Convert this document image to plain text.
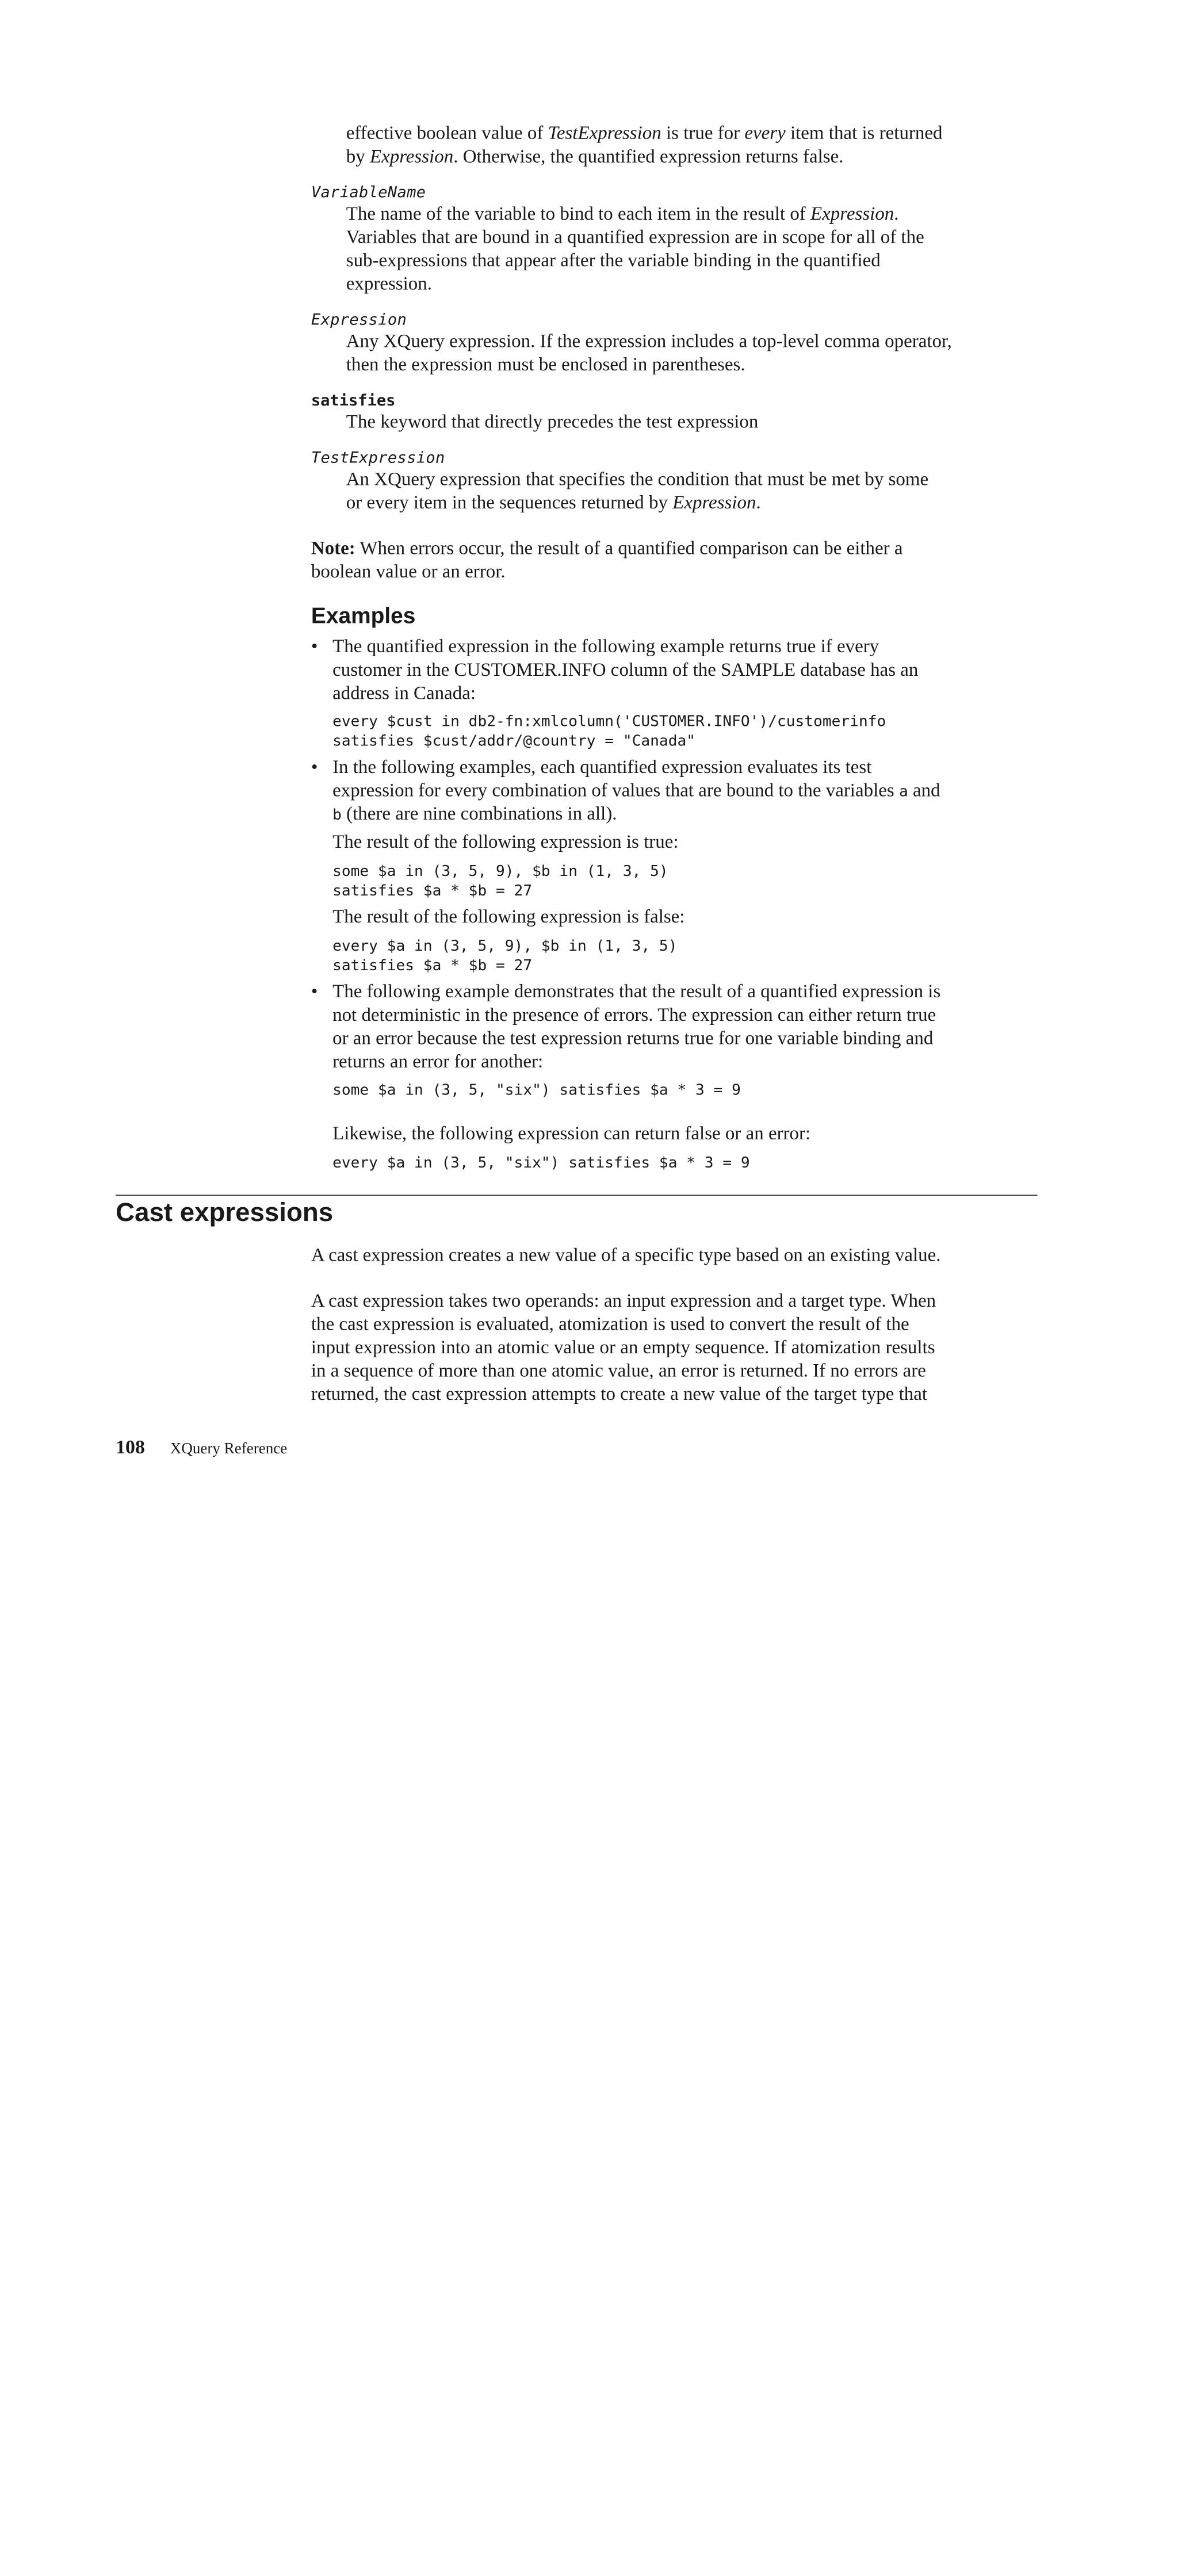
effective boolean value of TestExpression is true for every item that is returned
by Expression. Otherwise, the quantified expression returns false.
VariableName
The name of the variable to bind to each item in the result of Expression.
Variables that are bound in a quantified expression are in scope for all of the
sub-expressions that appear after the variable binding in the quantified
expression.
Expression
Any XQuery expression. If the expression includes a top-level comma operator,
then the expression must be enclosed in parentheses.
satisfies
The keyword that directly precedes the test expression
TestExpression
An XQuery expression that specifies the condition that must be met by some
or every item in the sequences returned by Expression.
Note: When errors occur, the result of a quantified comparison can be either a
boolean value or an error.
Examples
• The quantified expression in the following example returns true if every
customer in the CUSTOMER.INFO column of the SAMPLE database has an
address in Canada:
every $cust in db2-fn:xmlcolumn('CUSTOMER.INFO')/customerinfo
satisfies $cust/addr/@country = "Canada"
• In the following examples, each quantified expression evaluates its test
expression for every combination of values that are bound to the variables a and
b (there are nine combinations in all).
The result of the following expression is true:
some $a in (3, 5, 9), $b in (1, 3, 5)
satisfies $a * $b = 27
The result of the following expression is false:
every $a in (3, 5, 9), $b in (1, 3, 5)
satisfies $a * $b = 27
• The following example demonstrates that the result of a quantified expression is
not deterministic in the presence of errors. The expression can either return true
or an error because the test expression returns true for one variable binding and
returns an error for another:
some $a in (3, 5, "six") satisfies $a * 3 = 9
Likewise, the following expression can return false or an error:
every $a in (3, 5, "six") satisfies $a * 3 = 9
Cast expressions
A cast expression creates a new value of a specific type based on an existing value.
A cast expression takes two operands: an input expression and a target type. When
the cast expression is evaluated, atomization is used to convert the result of the
input expression into an atomic value or an empty sequence. If atomization results
in a sequence of more than one atomic value, an error is returned. If no errors are
returned, the cast expression attempts to create a new value of the target type that
108	XQuery Reference
